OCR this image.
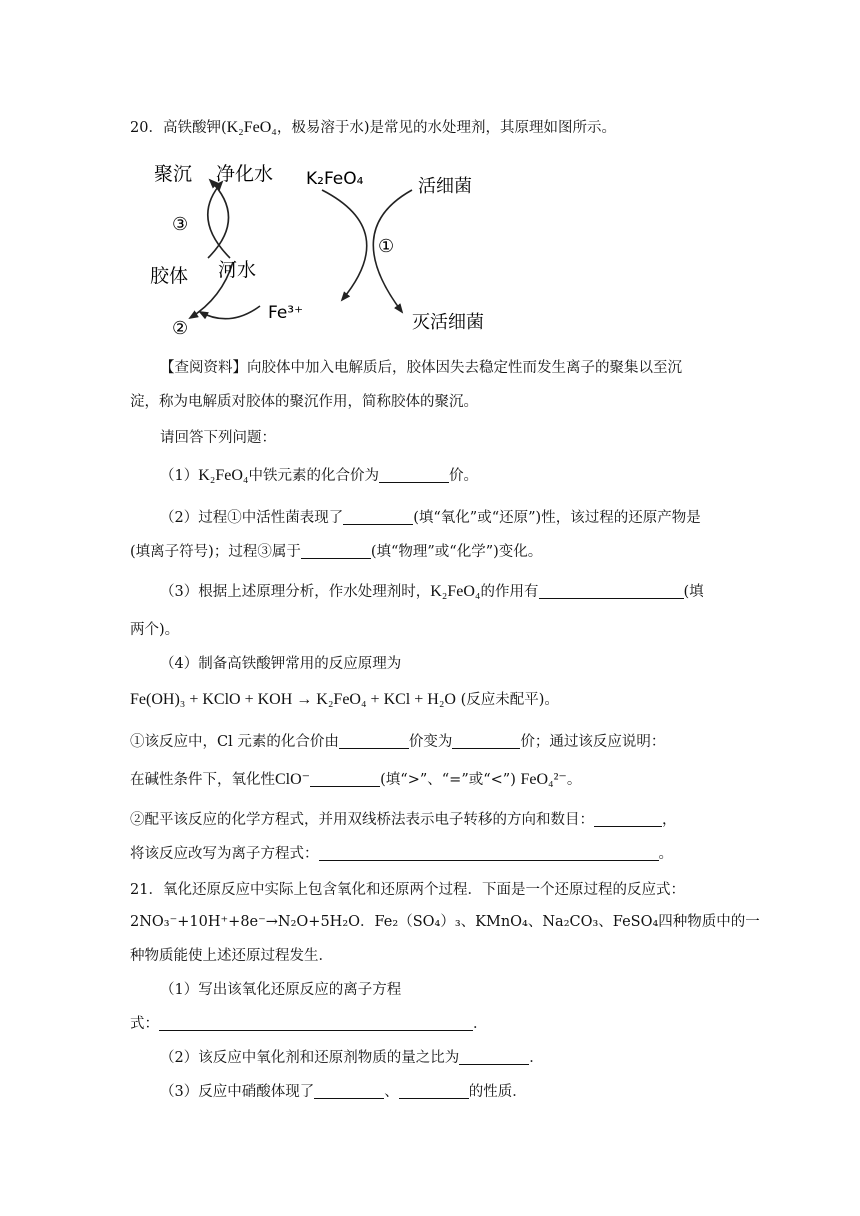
20．高铁酸钾(K₂FeO₄，极易溶于水)是常见的水处理剂，其原理如图所示。
聚沉 净化水 K₂FeO₄	活细菌
③
①
胶体 河水
Fe³⁺
②	灭活细菌
【查阅资料】向胶体中加入电解质后，胶体因失去稳定性而发生离子的聚集以至沉
淀，称为电解质对胶体的聚沉作用，简称胶体的聚沉。
请回答下列问题：
（1）K₂FeO₄中铁元素的化合价为	价。
（2）过程①中活性菌表现了	(填“氧化”或“还原”)性，该过程的还原产物是
(填离子符号)；过程③属于	(填“物理”或“化学”)变化。
（3）根据上述原理分析，作水处理剂时，K₂FeO₄的作用有	(填
两个)。
（4）制备高铁酸钾常用的反应原理为
Fe(OH)₃ + KClO + KOH → K₂FeO₄ + KCl + H₂O (反应未配平)。
①该反应中，Cl 元素的化合价由	价变为	价；通过该反应说明：
在碱性条件下，氧化性ClO⁻	(填“>”、“=”或“<”) FeO₄²⁻。
②配平该反应的化学方程式，并用双线桥法表示电子转移的方向和数目：	，
将该反应改写为离子方程式：	。
21．氧化还原反应中实际上包含氧化和还原两个过程．下面是一个还原过程的反应式：
2NO₃⁻+10H⁺+8e⁻→N₂O+5H₂O．Fe₂（SO₄）₃、KMnO₄、Na₂CO₃、FeSO₄四种物质中的一
种物质能使上述还原过程发生．
（1）写出该氧化还原反应的离子方程
式：	．
（2）该反应中氧化剂和还原剂物质的量之比为	．
（3）反应中硝酸体现了	、	的性质．
